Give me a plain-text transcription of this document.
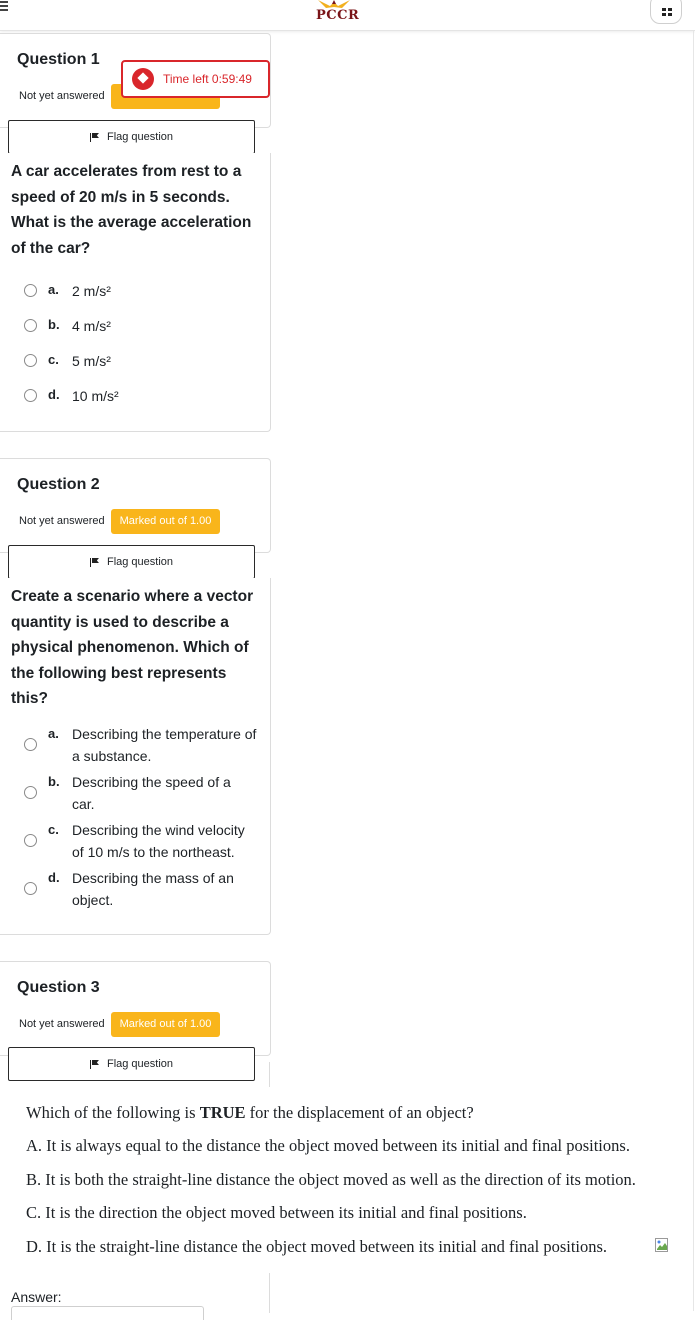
PCCR
Question 1
Not yet answered
Time left 0:59:49
Flag question
A car accelerates from rest to a speed of 20 m/s in 5 seconds. What is the average acceleration of the car?
a. 2 m/s²
b. 4 m/s²
c. 5 m/s²
d. 10 m/s²
Question 2
Not yet answered	Marked out of 1.00
Flag question
Create a scenario where a vector quantity is used to describe a physical phenomenon. Which of the following best represents this?
a. Describing the temperature of a substance.
b. Describing the speed of a car.
c. Describing the wind velocity of 10 m/s to the northeast.
d. Describing the mass of an object.
Question 3
Not yet answered	Marked out of 1.00
Flag question

Which of the following is TRUE for the displacement of an object?

A. It is always equal to the distance the object moved between its initial and final positions.

B. It is both the straight-line distance the object moved as well as the direction of its motion.

C. It is the direction the object moved between its initial and final positions.

D. It is the straight-line distance the object moved between its initial and final positions.

Answer:
